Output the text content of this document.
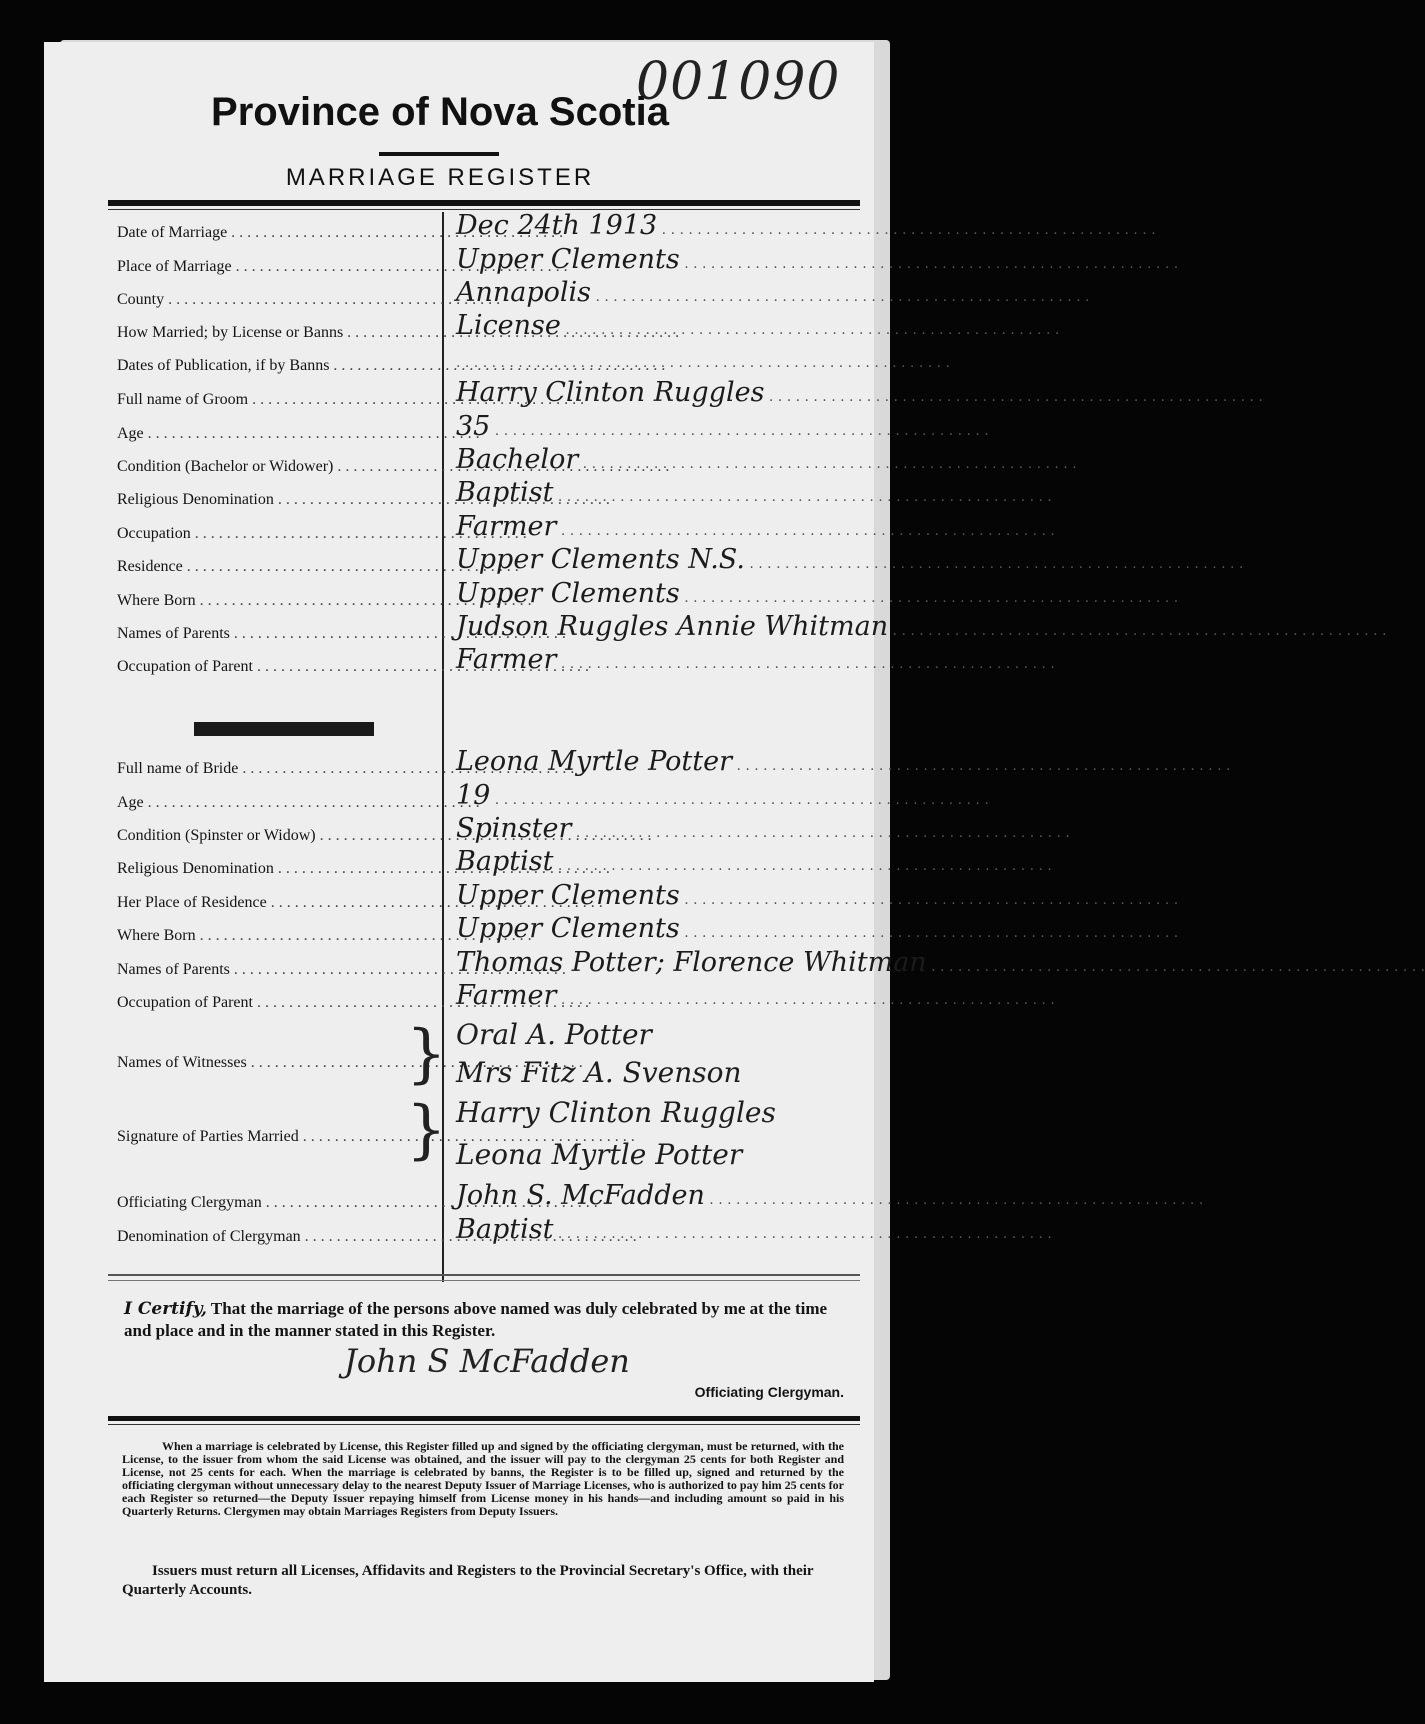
001090
Province of Nova Scotia
MARRIAGE REGISTER
Date of Marriage . . .	Dec 24th 1913 . . .
Place of Marriage . . .	Upper Clements . . .
County . . .	Annapolis . . .
How Married; by License or Banns . . .	License . . .
Dates of Publication, if by Banns . . .
. . .
Full name of Groom . . .	Harry Clinton Ruggles . . .
Age . . .	35 . . .
Condition (Bachelor or Widower) . . .	Bachelor . . .
Religious Denomination . . .	Baptist . . .
Occupation . . .	Farmer . . .
Residence . . .	Upper Clements N.S. . . .
Where Born . . .	Upper Clements . . .
Names of Parents . . .	Judson Ruggles Annie Whitman . . .
Occupation of Parent . . .	Farmer . . .
Full name of Bride . . .	Leona Myrtle Potter . . .
Age . . .	19 . . .
Condition (Spinster or Widow) . . .	Spinster . . .
Religious Denomination . . .	Baptist . . .
Her Place of Residence . . .	Upper Clements . . .
Where Born . . .	Upper Clements . . .
Names of Parents . . .	Thomas Potter; Florence Whitman . . .
Occupation of Parent . . .	Farmer . . .
Names of Witnesses . . .	} Oral A. Potter
Mrs Fitz A. Svenson
Signature of Parties Married . . .	} Harry Clinton Ruggles
Leona Myrtle Potter
Officiating Clergyman . . .	John S. McFadden . . .
Denomination of Clergyman . . .	Baptist . . .
I Certify, That the marriage of the persons above named was duly celebrated by me at the time and place and in the manner stated in this Register.
John S McFadden
Officiating Clergyman.
When a marriage is celebrated by License, this Register filled up and signed by the officiating clergyman, must be returned, with the License, to the issuer from whom the said License was obtained, and the issuer will pay to the clergyman 25 cents for both Register and License, not 25 cents for each. When the marriage is celebrated by banns, the Register is to be filled up, signed and returned by the officiating clergyman without unnecessary delay to the nearest Deputy Issuer of Marriage Licenses, who is authorized to pay him 25 cents for each Register so returned—the Deputy Issuer repaying himself from License money in his hands—and including amount so paid in his Quarterly Returns. Clergymen may obtain Marriages Registers from Deputy Issuers.
Issuers must return all Licenses, Affidavits and Registers to the Provincial Secretary's Office, with their Quarterly Accounts.
